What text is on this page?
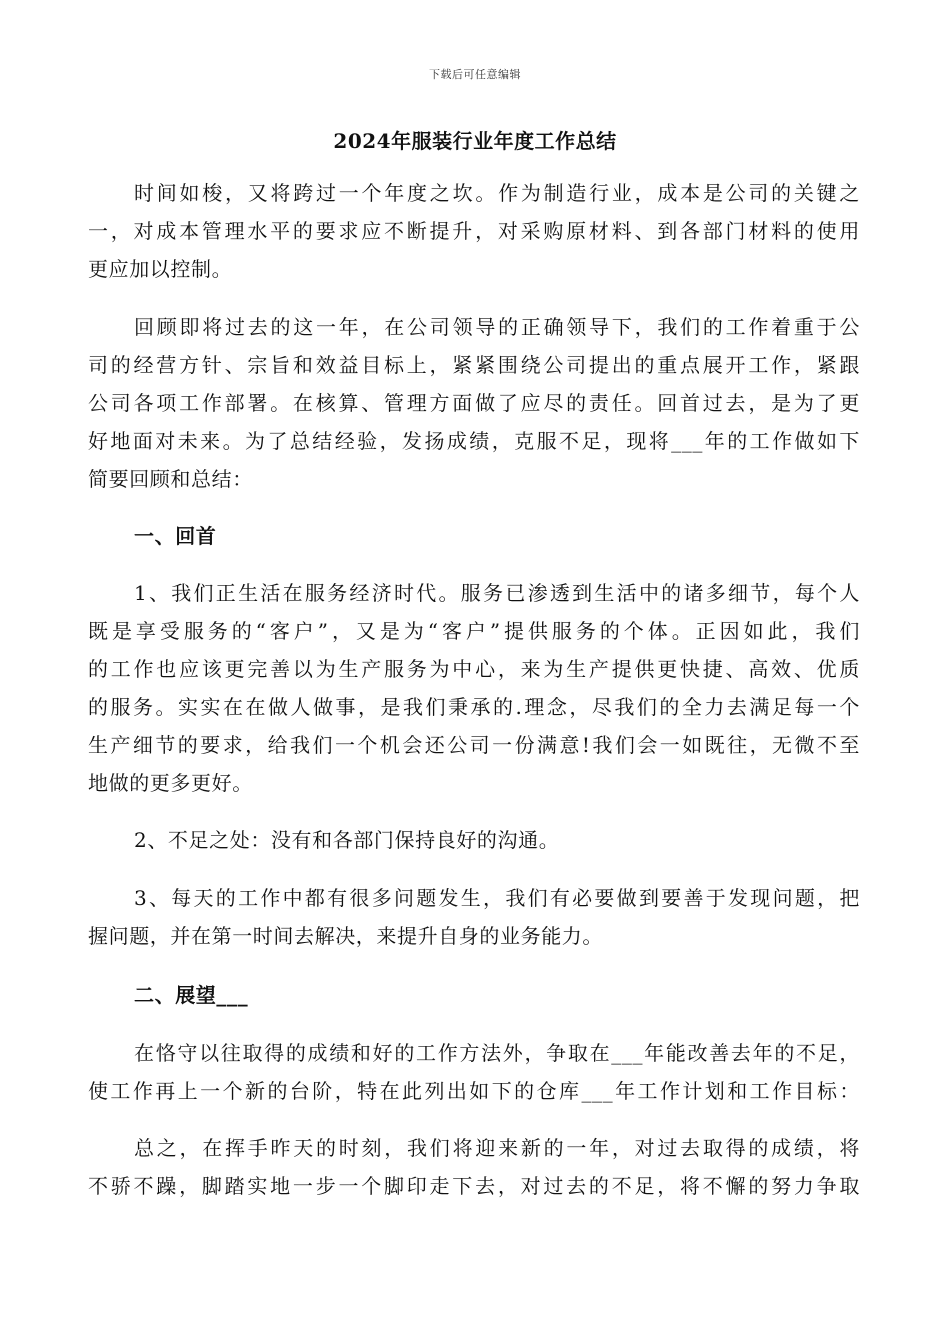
下载后可任意编辑
2024年服装行业年度工作总结
时间如梭，又将跨过一个年度之坎。作为制造行业，成本是公司的关键之
一，对成本管理水平的要求应不断提升，对采购原材料、到各部门材料的使用
更应加以控制。
回顾即将过去的这一年，在公司领导的正确领导下，我们的工作着重于公
司的经营方针、宗旨和效益目标上，紧紧围绕公司提出的重点展开工作，紧跟
公司各项工作部署。在核算、管理方面做了应尽的责任。回首过去，是为了更
好地面对未来。为了总结经验，发扬成绩，克服不足，现将___年的工作做如下
简要回顾和总结：
一、回首
1、我们正生活在服务经济时代。服务已渗透到生活中的诸多细节，每个人
既是享受服务的“客户”，又是为“客户”提供服务的个体。正因如此，我们
的工作也应该更完善以为生产服务为中心，来为生产提供更快捷、高效、优质
的服务。实实在在做人做事，是我们秉承的.理念，尽我们的全力去满足每一个
生产细节的要求，给我们一个机会还公司一份满意!我们会一如既往，无微不至
地做的更多更好。
2、不足之处：没有和各部门保持良好的沟通。
3、每天的工作中都有很多问题发生，我们有必要做到要善于发现问题，把
握问题，并在第一时间去解决，来提升自身的业务能力。
二、展望___
在恪守以往取得的成绩和好的工作方法外，争取在___年能改善去年的不足，
使工作再上一个新的台阶，特在此列出如下的仓库___年工作计划和工作目标：
总之，在挥手昨天的时刻，我们将迎来新的一年，对过去取得的成绩，将
不骄不躁，脚踏实地一步一个脚印走下去，对过去的不足，将不懈的努力争取
